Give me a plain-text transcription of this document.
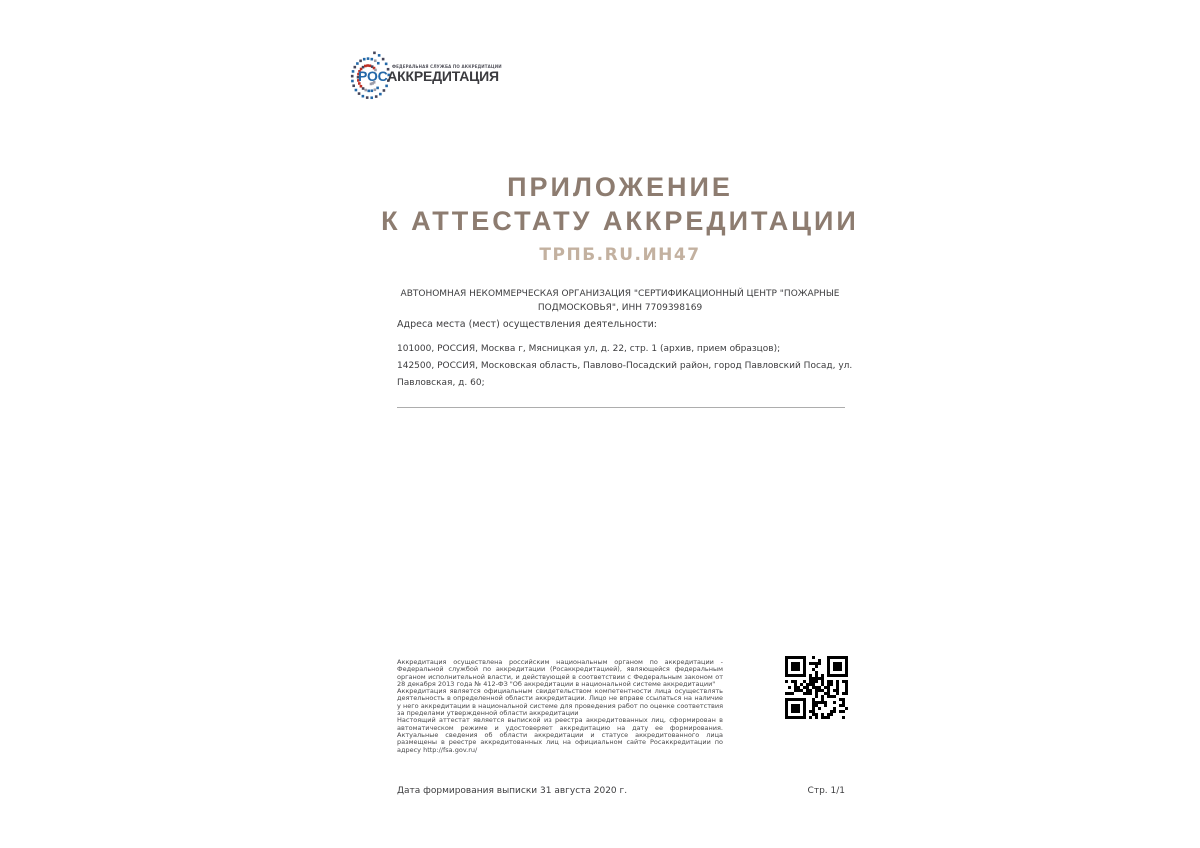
ФЕДЕРАЛЬНАЯ СЛУЖБА ПО АККРЕДИТАЦИИ
РОСАККРЕДИТАЦИЯ
ПРИЛОЖЕНИЕ
К АТТЕСТАТУ АККРЕДИТАЦИИ
ТРПБ.RU.ИН47
АВТОНОМНАЯ НЕКОММЕРЧЕСКАЯ ОРГАНИЗАЦИЯ "СЕРТИФИКАЦИОННЫЙ ЦЕНТР "ПОЖАРНЫЕ ПОДМОСКОВЬЯ", ИНН 7709398169
Адреса места (мест) осуществления деятельности:
101000, РОССИЯ, Москва г, Мясницкая ул, д. 22, стр. 1 (архив, прием образцов);
142500, РОССИЯ, Московская область, Павлово-Посадский район, город Павловский Посад, ул. Павловская, д. 60;

Аккредитация осуществлена российским национальным органом по аккредитации - Федеральной службой по аккредитации (Росаккредитацией), являющейся федеральным органом исполнительной власти, и действующей в соответствии с Федеральным законом от 28 декабря 2013 года № 412-ФЗ "Об аккредитации в национальной системе аккредитации"

Аккредитация является официальным свидетельством компетентности лица осуществлять деятельность в определенной области аккредитации. Лицо не вправе ссылаться на наличие у него аккредитации в национальной системе для проведения работ по оценке соответствия за пределами утвержденной области аккредитации

Настоящий аттестат является выпиской из реестра аккредитованных лиц, сформирован в автоматическом режиме и удостоверяет аккредитацию на дату ее формирования. Актуальные сведения об области аккредитации и статусе аккредитованного лица размещены в реестре аккредитованных лиц на официальном сайте Росаккредитации по адресу http://fsa.gov.ru/

Дата формирования выписки 31 августа 2020 г.	Стр. 1/1
